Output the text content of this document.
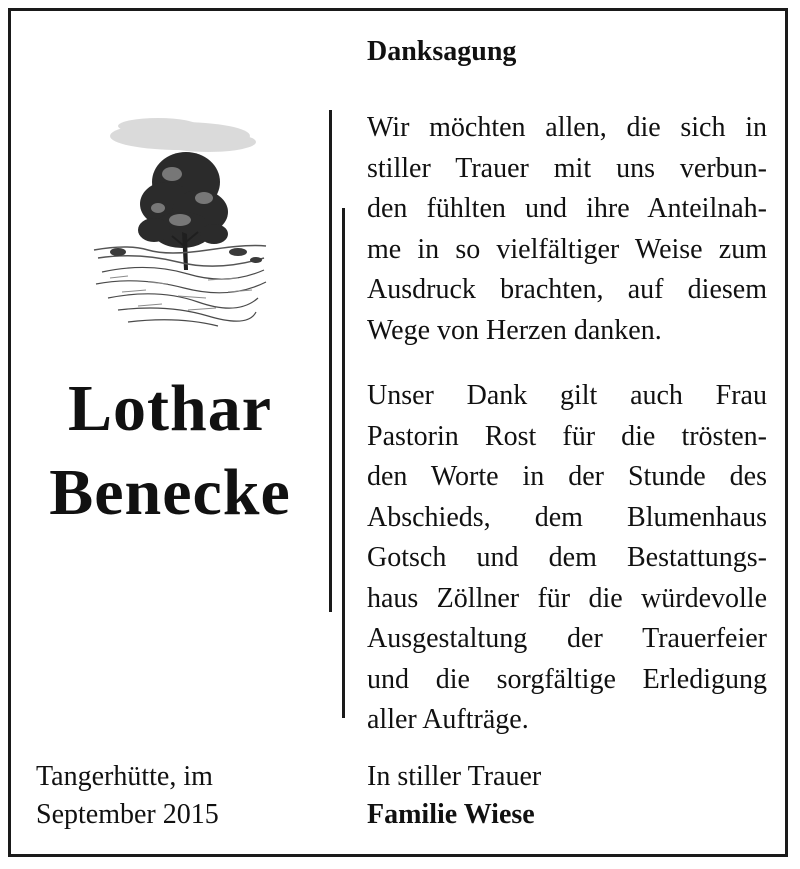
Lothar
Benecke
Danksagung
Wir möchten allen, die sich in
stiller Trauer mit uns verbun-
den fühlten und ihre Anteilnah-
me in so vielfältiger Weise zum
Ausdruck brachten, auf diesem
Wege von Herzen danken.
Unser Dank gilt auch Frau
Pastorin Rost für die trösten-
den Worte in der Stunde des
Abschieds, dem Blumenhaus
Gotsch und dem Bestattungs-
haus Zöllner für die würdevolle
Ausgestaltung der Trauerfeier
und die sorgfältige Erledigung
aller Aufträge.
Tangerhütte, im
September 2015
In stiller Trauer
Familie Wiese
